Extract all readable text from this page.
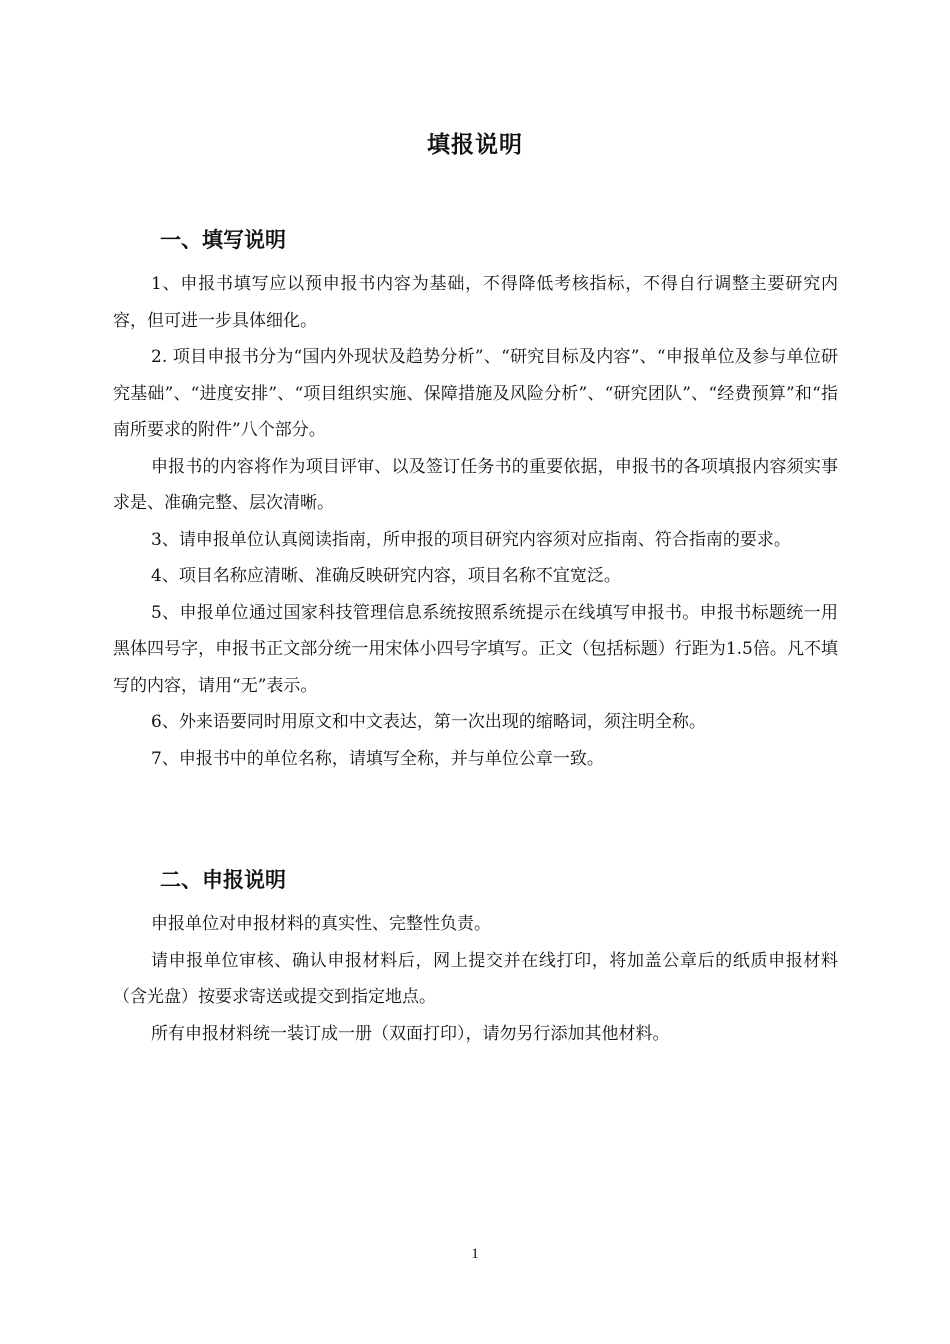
填报说明
一、填写说明

1、申报书填写应以预申报书内容为基础，不得降低考核指标，不得自行调整主要研究内容，但可进一步具体细化。

2. 项目申报书分为“国内外现状及趋势分析”、“研究目标及内容”、“申报单位及参与单位研究基础”、“进度安排”、“项目组织实施、保障措施及风险分析”、“研究团队”、“经费预算”和“指南所要求的附件”八个部分。

申报书的内容将作为项目评审、以及签订任务书的重要依据，申报书的各项填报内容须实事求是、准确完整、层次清晰。

3、请申报单位认真阅读指南，所申报的项目研究内容须对应指南、符合指南的要求。

4、项目名称应清晰、准确反映研究内容，项目名称不宜宽泛。

5、申报单位通过国家科技管理信息系统按照系统提示在线填写申报书。申报书标题统一用黑体四号字，申报书正文部分统一用宋体小四号字填写。正文（包括标题）行距为1.5倍。凡不填写的内容，请用“无”表示。

6、外来语要同时用原文和中文表达，第一次出现的缩略词，须注明全称。

7、申报书中的单位名称，请填写全称，并与单位公章一致。

二、申报说明

申报单位对申报材料的真实性、完整性负责。

请申报单位审核、确认申报材料后，网上提交并在线打印，将加盖公章后的纸质申报材料（含光盘）按要求寄送或提交到指定地点。

所有申报材料统一装订成一册（双面打印），请勿另行添加其他材料。

1
